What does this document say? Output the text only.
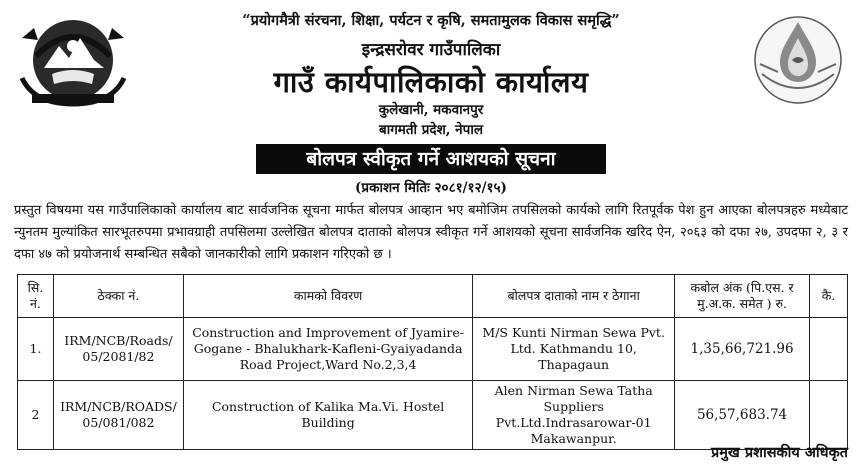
“प्रयोगमैत्री संरचना, शिक्षा, पर्यटन र कृषि, समतामुलक विकास समृद्धि”
इन्द्रसरोवर गाउँपालिका
गाउँ कार्यपालिकाको कार्यालय
कुलेखानी, मकवानपुर
बागमती प्रदेश, नेपाल
बोलपत्र स्वीकृत गर्ने आशयको सूचना
(प्रकाशन मितिः २०८१/१२/१५)
प्रस्तुत विषयमा यस गाउँपालिकाको कार्यालय बाट सार्वजनिक सूचना मार्फत बोलपत्र आव्हान भए बमोजिम तपसिलको कार्यको लागि रितपूर्वक पेश हुन आएका बोलपत्रहरु मध्येबाट न्युनतम मुल्यांकित सारभूतरुपमा प्रभावग्राही तपसिलमा उल्लेखित बोलपत्र दाताको बोलपत्र स्वीकृत गर्ने आशयको सूचना सार्वजनिक खरिद ऐन, २०६३ को दफा २७, उपदफा २, ३ र दफा ४७ को प्रयोजनार्थ सम्बन्धित सबैको जानकारीको लागि प्रकाशन गरिएको छ ।
सि. नं.	ठेक्का नं.	कामको विवरण	बोलपत्र दाताको नाम र ठेगाना	कबोल अंक (पि.एस. र मु.अ.क. समेत ) रु.	कै.
1.	IRM/NCB/Roads/ 05/2081/82	Construction and Improvement of Jyamire-Gogane - Bhalukhark-Kafleni-Gyaiyadanda Road Project,Ward No.2,3,4	M/S Kunti Nirman Sewa Pvt. Ltd. Kathmandu 10, Thapagaun	1,35,66,721.96	
2	IRM/NCB/ROADS/ 05/081/082	Construction of Kalika Ma.Vi. Hostel Building	Alen Nirman Sewa Tatha Suppliers Pvt.Ltd.Indrasarowar-01 Makawanpur.	56,57,683.74	
प्रमुख प्रशासकीय अधिकृत
